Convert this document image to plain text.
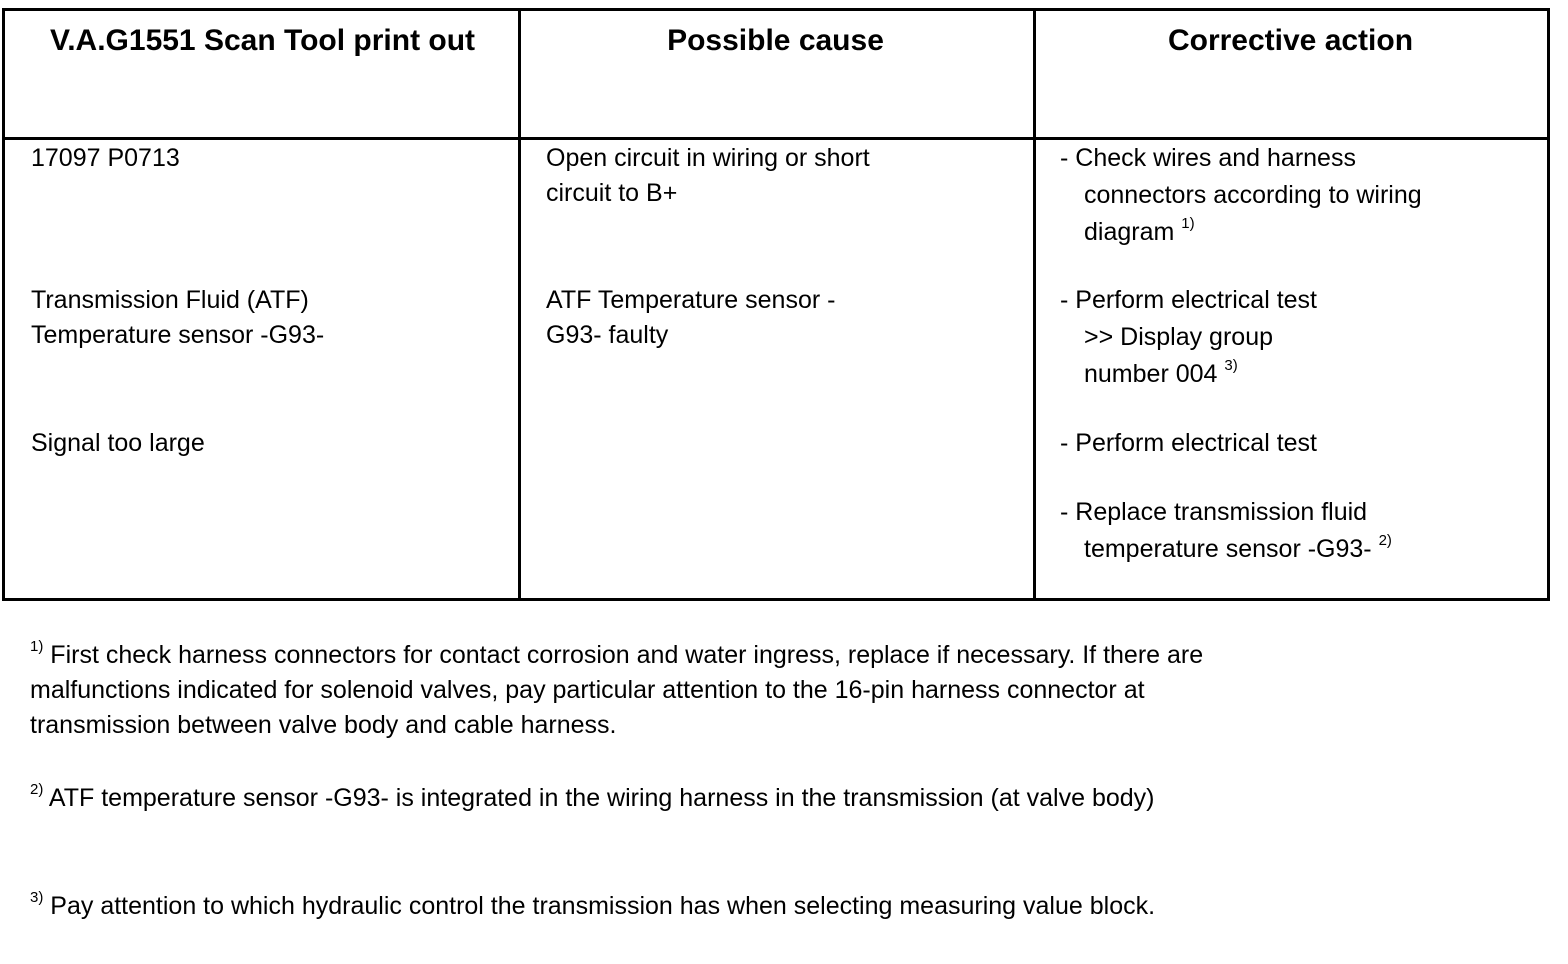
V.A.G1551 Scan Tool print out	Possible cause	Corrective action
17097 P0713
Transmission Fluid (ATF)
Temperature sensor -G93-
Signal too large
Open circuit in wiring or short
circuit to B+
ATF Temperature sensor -
G93- faulty
- Check wires and harness
connectors according to wiring
diagram $^{1)}$
- Perform electrical test
>> Display group
number 004 $^{3)}$
- Perform electrical test
- Replace transmission fluid
temperature sensor -G93- $^{2)}$
$^{1)}$ First check harness connectors for contact corrosion and water ingress, replace if necessary. If there are malfunctions indicated for solenoid valves, pay particular attention to the 16-pin harness connector at transmission between valve body and cable harness.
$^{2)}$ ATF temperature sensor -G93- is integrated in the wiring harness in the transmission (at valve body)
$^{3)}$ Pay attention to which hydraulic control the transmission has when selecting measuring value block.
